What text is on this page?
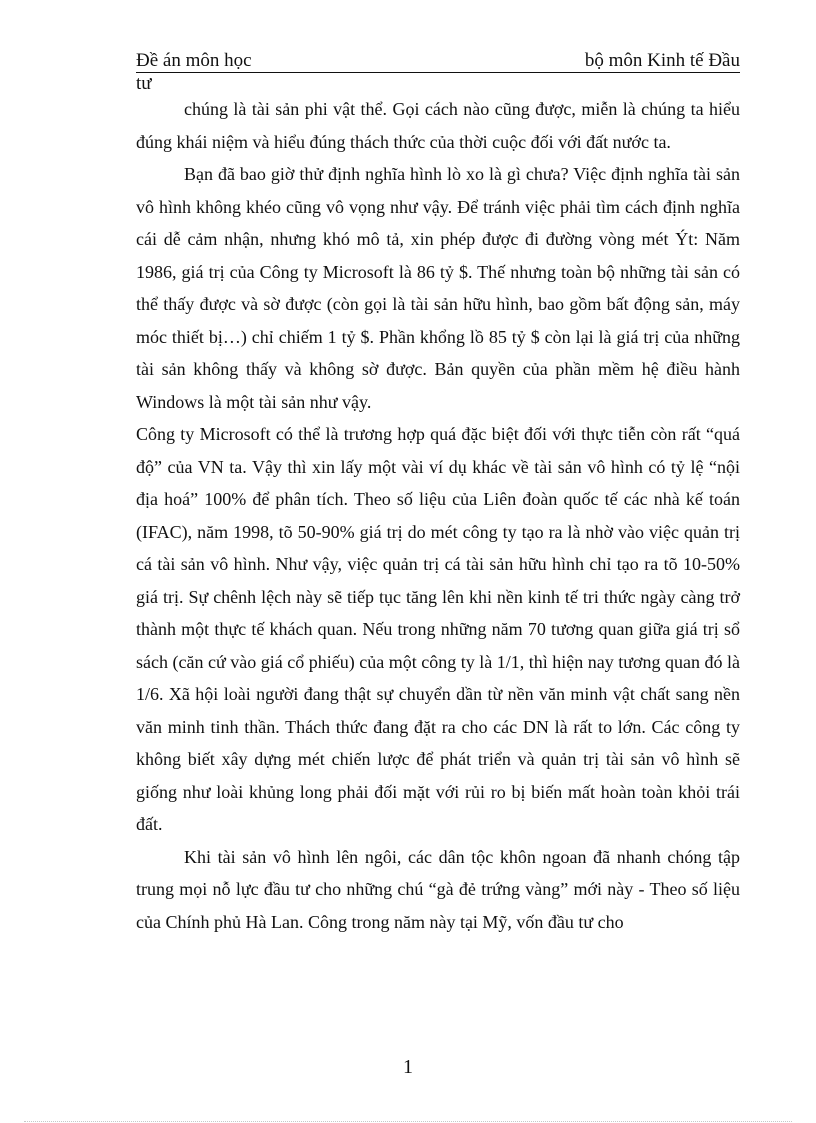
Đề án môn học	bộ môn Kinh tế Đầu
tư

chúng là tài sản phi vật thể. Gọi cách nào cũng được, miễn là chúng ta hiểu đúng khái niệm và hiểu đúng thách thức của thời cuộc đối với đất nước ta.

Bạn đã bao giờ thử định nghĩa hình lò xo là gì chưa? Việc định nghĩa tài sản vô hình không khéo cũng vô vọng như vậy. Để tránh việc phải tìm cách định nghĩa cái dễ cảm nhận, nhưng khó mô tả, xin phép được đi đường vòng mét Ýt: Năm 1986, giá trị của Công ty Microsoft là 86 tỷ $. Thế nhưng toàn bộ những tài sản có thể thấy được và sờ được (còn gọi là tài sản hữu hình, bao gồm bất động sản, máy móc thiết bị…) chỉ chiếm 1 tỷ $. Phần khổng lồ 85 tỷ $ còn lại là giá trị của những tài sản không thấy và không sờ được. Bản quyền của phần mềm hệ điều hành Windows là một tài sản như vậy.

Công ty Microsoft có thể là trương hợp quá đặc biệt đối với thực tiễn còn rất “quá độ” của VN ta. Vậy thì xin lấy một vài ví dụ khác về tài sản vô hình có tỷ lệ “nội địa hoá” 100% để phân tích. Theo số liệu của Liên đoàn quốc tế các nhà kế toán (IFAC), năm 1998, tõ 50-90% giá trị do mét công ty tạo ra là nhờ vào việc quản trị cá tài sản vô hình. Như vậy, việc quản trị cá tài sản hữu hình chỉ tạo ra tõ 10-50% giá trị. Sự chênh lệch này sẽ tiếp tục tăng lên khi nền kinh tế tri thức ngày càng trở thành một thực tế khách quan. Nếu trong những năm 70 tương quan giữa giá trị sổ sách (căn cứ vào giá cổ phiếu) của một công ty là 1/1, thì hiện nay tương quan đó là 1/6. Xã hội loài người đang thật sự chuyển dần từ nền văn minh vật chất sang nền văn minh tinh thần. Thách thức đang đặt ra cho các DN là rất to lớn. Các công ty không biết xây dựng mét chiến lược để phát triển và quản trị tài sản vô hình sẽ giống như loài khủng long phải đối mặt với rủi ro bị biến mất hoàn toàn khỏi trái đất.

Khi tài sản vô hình lên ngôi, các dân tộc khôn ngoan đã nhanh chóng tập trung mọi nỗ lực đầu tư cho những chú “gà đẻ trứng vàng” mới này - Theo số liệu của Chính phủ Hà Lan. Công trong năm này tại Mỹ, vốn đầu tư cho

1
